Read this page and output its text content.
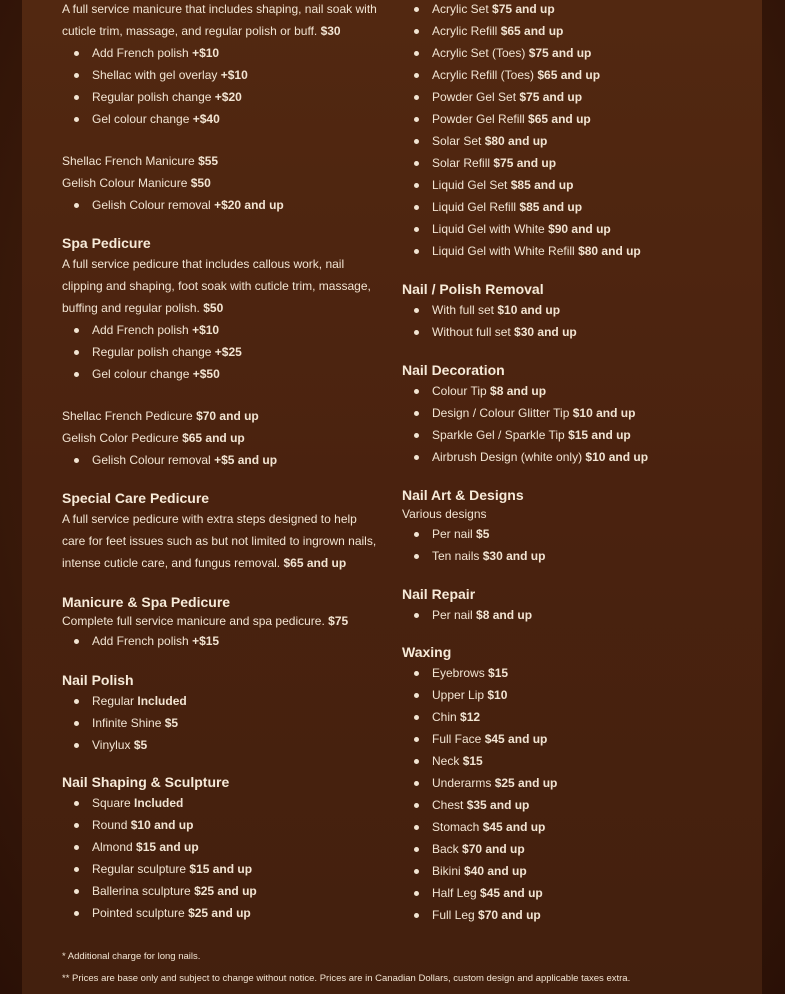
A full service manicure that includes shaping, nail soak with cuticle trim, massage, and regular polish or buff. $30

Add French polish +$10
Shellac with gel overlay +$10
Regular polish change +$20
Gel colour change +$40

Shellac French Manicure $55

Gelish Colour Manicure $50

Gelish Colour removal +$20 and up
Spa Pedicure

A full service pedicure that includes callous work, nail clipping and shaping, foot soak with cuticle trim, massage, buffing and regular polish. $50

Add French polish +$10
Regular polish change +$25
Gel colour change +$50

Shellac French Pedicure $70 and up

Gelish Color Pedicure $65 and up

Gelish Colour removal +$5 and up
Special Care Pedicure

A full service pedicure with extra steps designed to help care for feet issues such as but not limited to ingrown nails, intense cuticle care, and fungus removal. $65 and up

Manicure & Spa Pedicure

Complete full service manicure and spa pedicure. $75

Add French polish +$15
Nail Polish
Regular Included
Infinite Shine $5
Vinylux $5
Nail Shaping & Sculpture
Square Included
Round $10 and up
Almond $15 and up
Regular sculpture $15 and up
Ballerina sculpture $25 and up
Pointed sculpture $25 and up
Acrylic Set $75 and up
Acrylic Refill $65 and up
Acrylic Set (Toes) $75 and up
Acrylic Refill (Toes) $65 and up
Powder Gel Set $75 and up
Powder Gel Refill $65 and up
Solar Set $80 and up
Solar Refill $75 and up
Liquid Gel Set $85 and up
Liquid Gel Refill $85 and up
Liquid Gel with White $90 and up
Liquid Gel with White Refill $80 and up
Nail / Polish Removal
With full set $10 and up
Without full set $30 and up
Nail Decoration
Colour Tip $8 and up
Design / Colour Glitter Tip $10 and up
Sparkle Gel / Sparkle Tip $15 and up
Airbrush Design (white only) $10 and up
Nail Art & Designs

Various designs

Per nail $5
Ten nails $30 and up
Nail Repair
Per nail $8 and up
Waxing
Eyebrows $15
Upper Lip $10
Chin $12
Full Face $45 and up
Neck $15
Underarms $25 and up
Chest $35 and up
Stomach $45 and up
Back $70 and up
Bikini $40 and up
Half Leg $45 and up
Full Leg $70 and up
* Additional charge for long nails.
** Prices are base only and subject to change without notice. Prices are in Canadian Dollars, custom design and applicable taxes extra.
